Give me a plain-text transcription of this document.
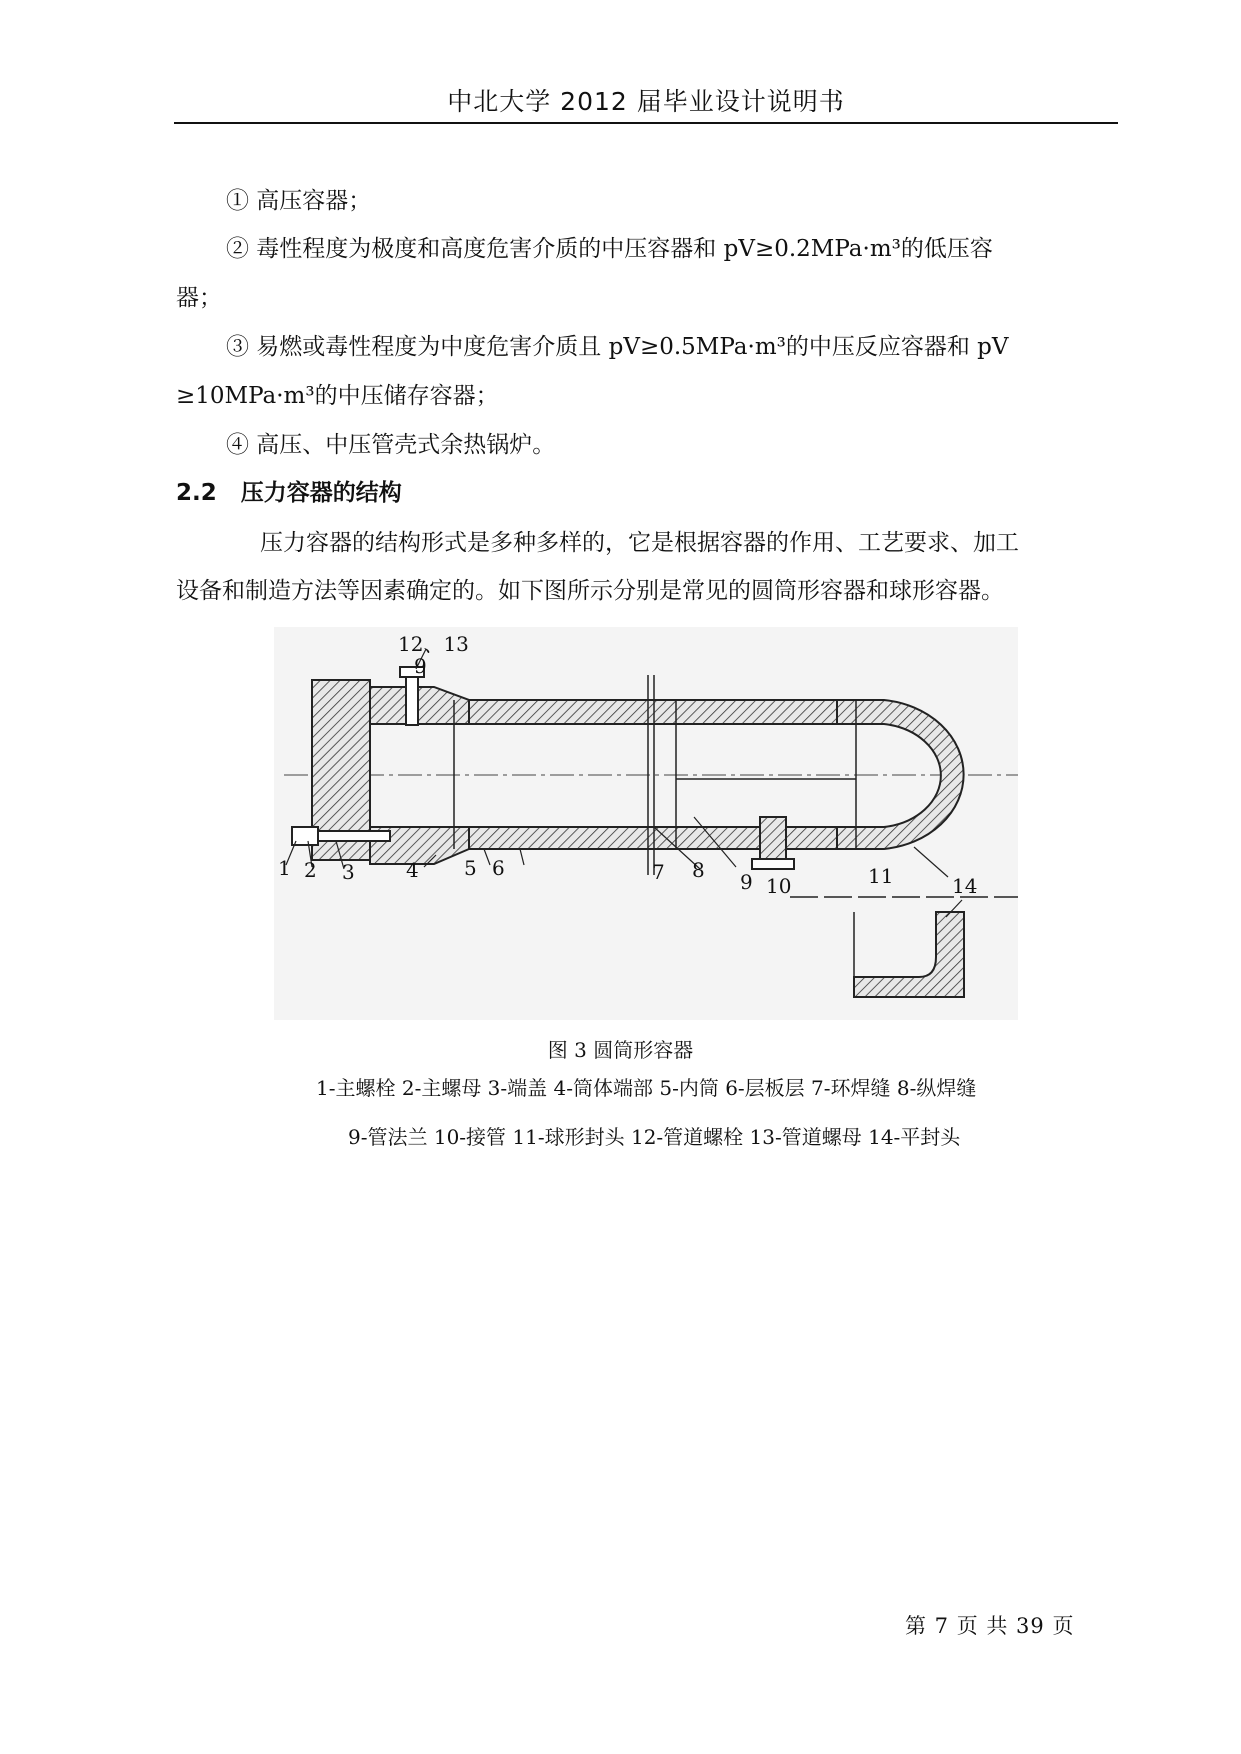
中北大学 2012 届毕业设计说明书
① 高压容器；
② 毒性程度为极度和高度危害介质的中压容器和 pV≥0.2MPa·m³的低压容
器；
③ 易燃或毒性程度为中度危害介质且 pV≥0.5MPa·m³的中压反应容器和 pV
≥10MPa·m³的中压储存容器；
④ 高压、中压管壳式余热锅炉。
2.2 压力容器的结构
压力容器的结构形式是多种多样的，它是根据容器的作用、工艺要求、加工
设备和制造方法等因素确定的。如下图所示分别是常见的圆筒形容器和球形容器。
1 2 3	4 5 6	7 8 9 10	11
12、13
9
14
图 3 圆筒形容器
1-主螺栓 2-主螺母 3-端盖 4-筒体端部 5-内筒 6-层板层 7-环焊缝 8-纵焊缝
9-管法兰 10-接管 11-球形封头 12-管道螺栓 13-管道螺母 14-平封头
第 7 页 共 39 页
